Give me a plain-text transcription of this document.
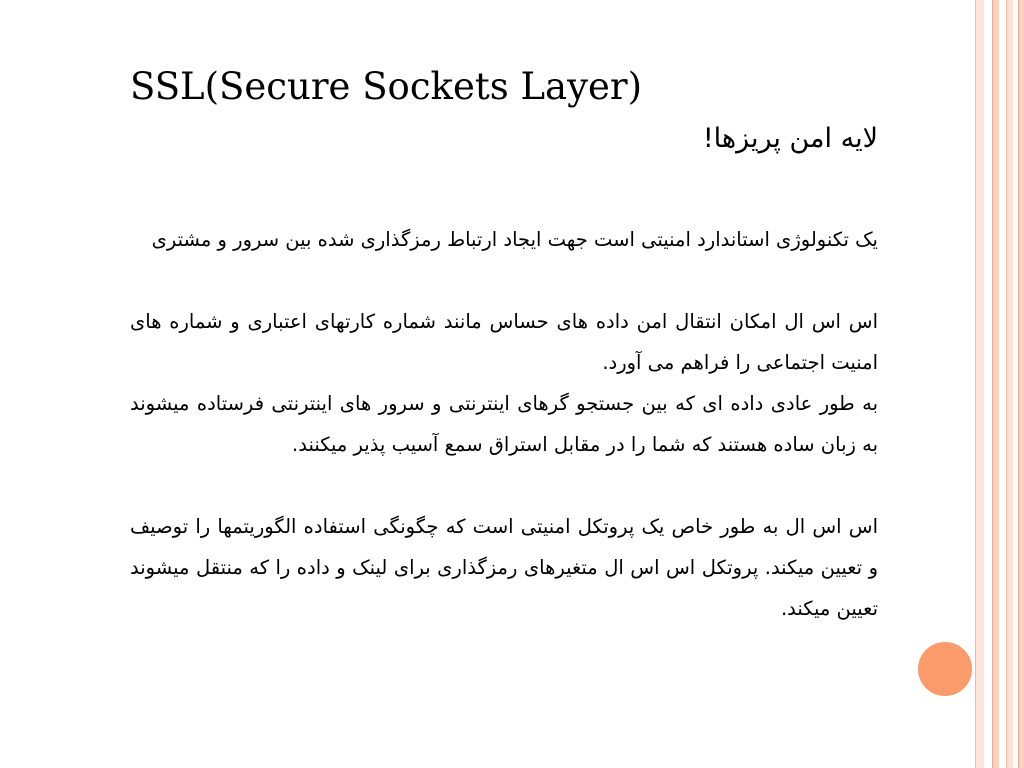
SSL(Secure Sockets Layer)
لایه امن پریزها!

یک تکنولوژی استاندارد امنیتی است جهت ایجاد ارتباط رمزگذاری شده بین سرور و مشتری

اس اس ال امکان انتقال امن داده های حساس مانند شماره کارتهای اعتباری و شماره های امنیت اجتماعی را فراهم می آورد.

به طور عادی داده ای که بین جستجو گرهای اینترنتی و سرور های اینترنتی فرستاده میشوند به زبان ساده هستند که شما را در مقابل استراق سمع آسیب پذیر میکنند.

اس اس ال به طور خاص یک پروتکل امنیتی است که چگونگی استفاده الگوریتمها را توصیف و تعیین میکند. پروتکل اس اس ال متغیرهای رمزگذاری برای لینک و داده را که منتقل میشوند تعیین میکند.
